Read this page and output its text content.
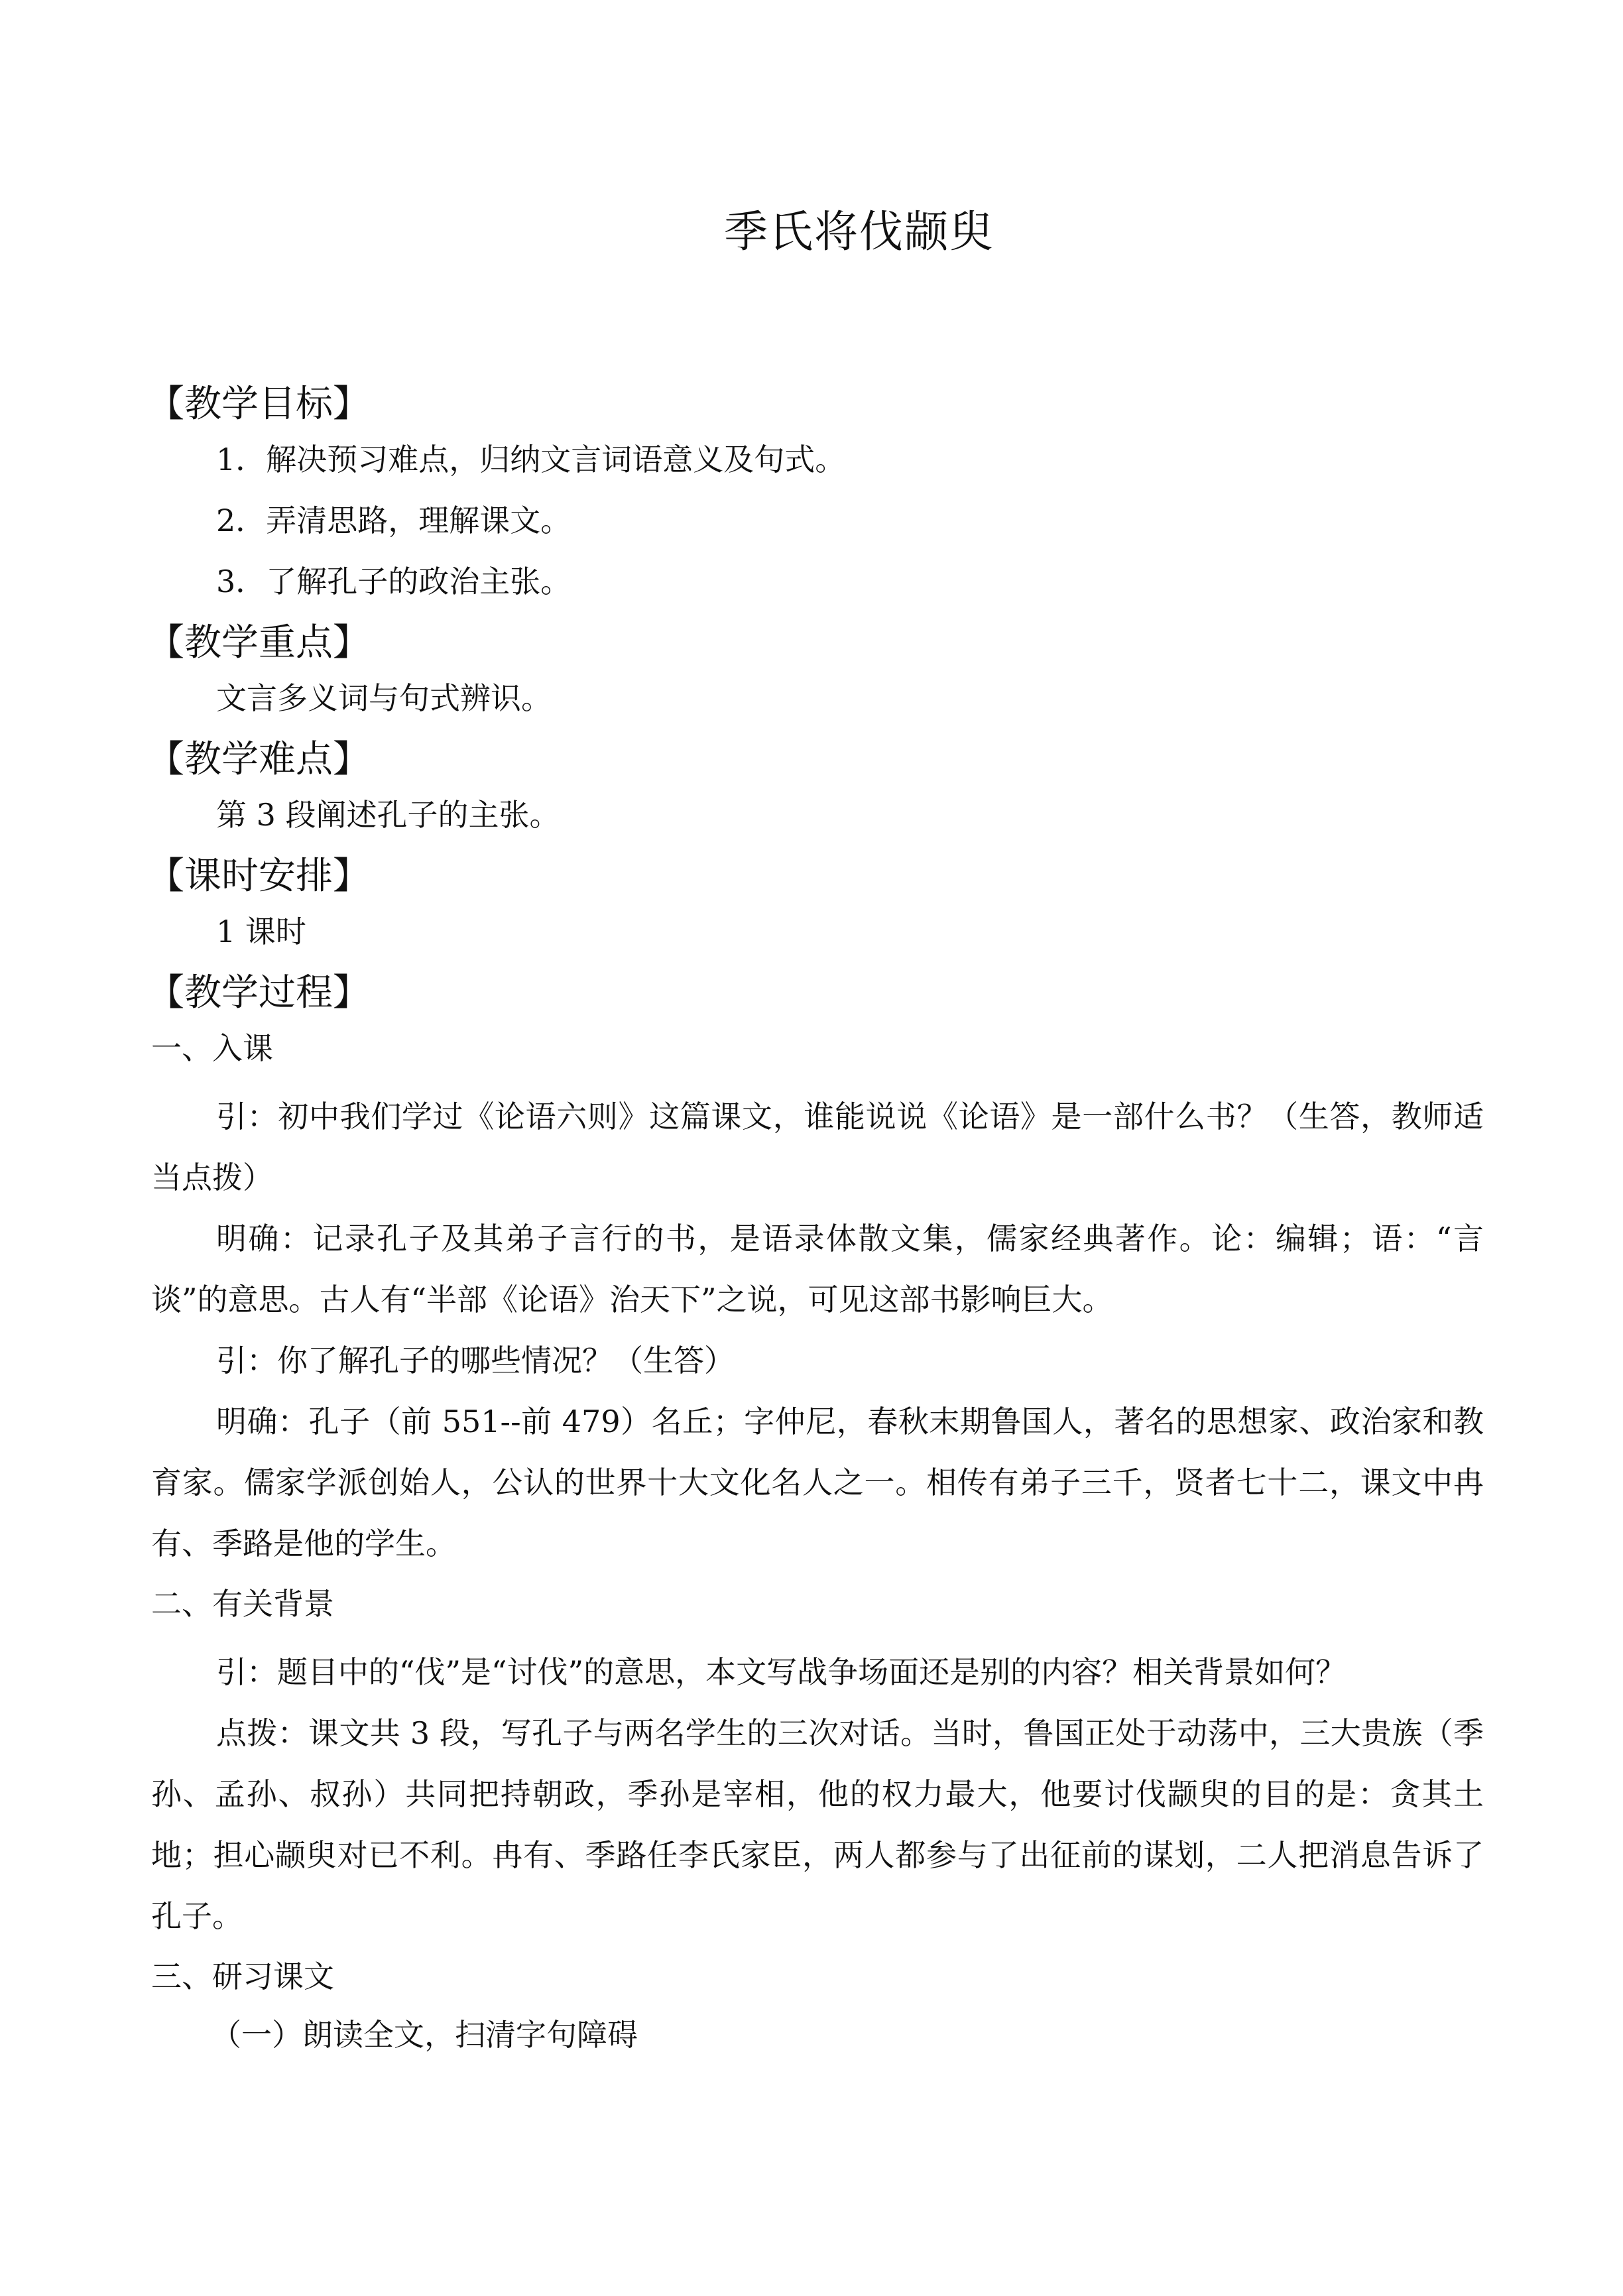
季氏将伐颛臾
【教学目标】
1．解决预习难点，归纳文言词语意义及句式。
2．弄清思路，理解课文。
3．了解孔子的政治主张。
【教学重点】
文言多义词与句式辨识。
【教学难点】
第 3 段阐述孔子的主张。
【课时安排】
1 课时
【教学过程】
一、入课

引：初中我们学过《论语六则》这篇课文，谁能说说《论语》是一部什么书？（生答，教师适当点拨）

明确：记录孔子及其弟子言行的书，是语录体散文集，儒家经典著作。论：编辑；语：“言谈”的意思。古人有“半部《论语》治天下”之说，可见这部书影响巨大。

引：你了解孔子的哪些情况？（生答）

明确：孔子（前 551--前 479）名丘；字仲尼，春秋末期鲁国人，著名的思想家、政治家和教育家。儒家学派创始人，公认的世界十大文化名人之一。相传有弟子三千，贤者七十二，课文中冉有、季路是他的学生。

二、有关背景

引：题目中的“伐”是“讨伐”的意思，本文写战争场面还是别的内容？相关背景如何？

点拨：课文共 3 段，写孔子与两名学生的三次对话。当时，鲁国正处于动荡中，三大贵族（季孙、孟孙、叔孙）共同把持朝政，季孙是宰相，他的权力最大，他要讨伐颛臾的目的是：贪其土地；担心颛臾对已不利。冉有、季路任李氏家臣，两人都参与了出征前的谋划，二人把消息告诉了孔子。

三、研习课文
（一）朗读全文，扫清字句障碍
